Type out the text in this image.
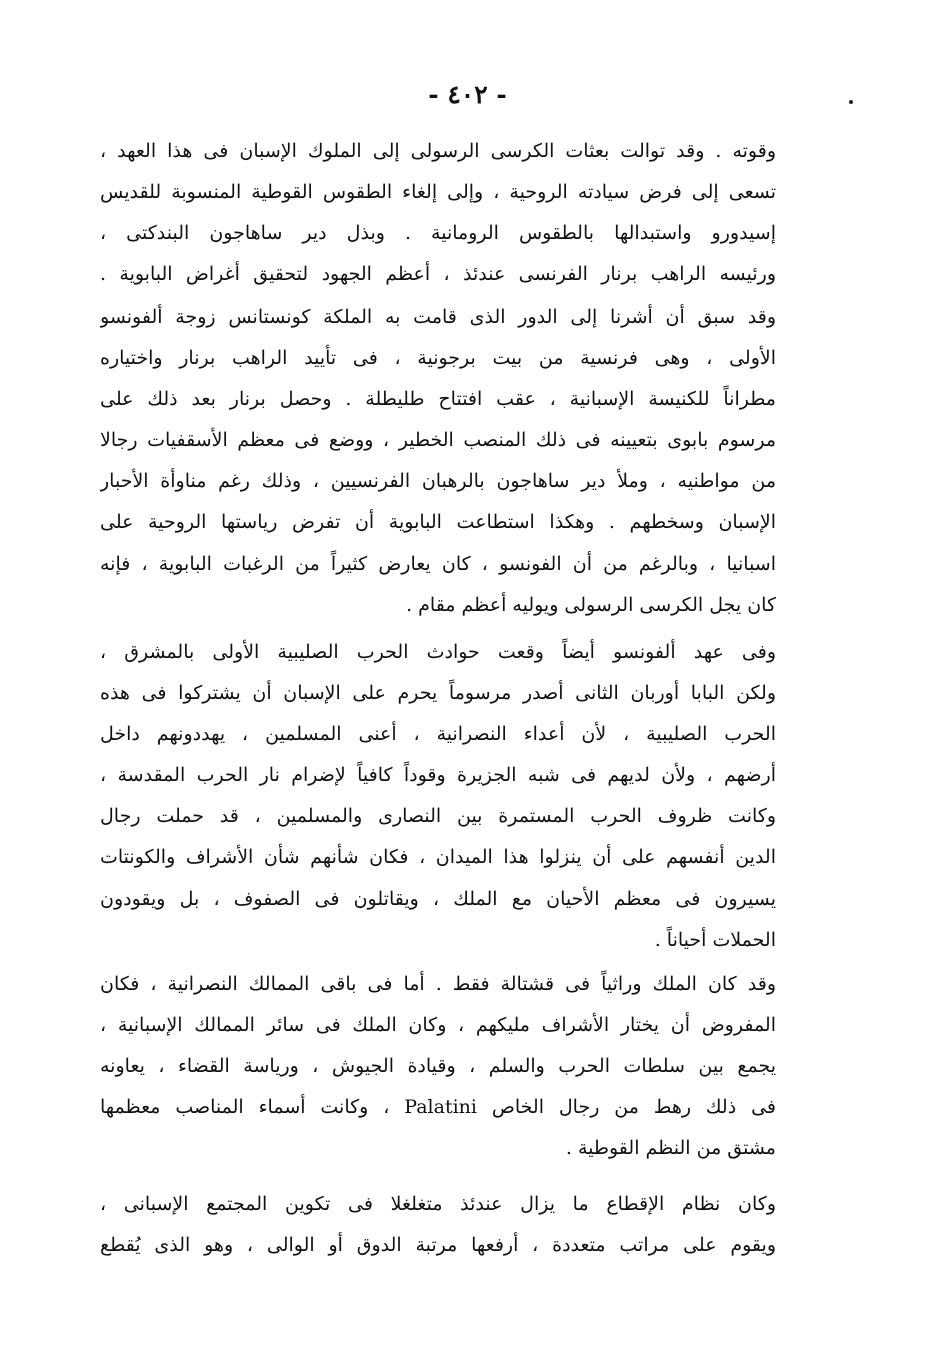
- ٤٠٢ -
وقوته . وقد توالت بعثات الكرسى الرسولى إلى الملوك الإسبان فى هذا العهد ،
تسعى إلى فرض سيادته الروحية ، وإلى إلغاء الطقوس القوطية المنسوبة للقديس
إسيدورو واستبدالها بالطقوس الرومانية . وبذل دير ساهاجون البندكتى ،
ورئيسه الراهب برنار الفرنسى عندئذ ، أعظم الجهود لتحقيق أغراض البابوية .
وقد سبق أن أشرنا إلى الدور الذى قامت به الملكة كونستانس زوجة ألفونسو
الأولى ، وهى فرنسية من بيت برجونية ، فى تأييد الراهب برنار واختياره
مطراناً للكنيسة الإسبانية ، عقب افتتاح طليطلة . وحصل برنار بعد ذلك على
مرسوم بابوى بتعيينه فى ذلك المنصب الخطير ، ووضع فى معظم الأسقفيات رجالا
من مواطنيه ، وملأ دير ساهاجون بالرهبان الفرنسيين ، وذلك رغم مناوأة الأحبار
الإسبان وسخطهم . وهكذا استطاعت البابوية أن تفرض رياستها الروحية على
اسبانيا ، وبالرغم من أن الفونسو ، كان يعارض كثيراً من الرغبات البابوية ، فإنه
كان يجل الكرسى الرسولى ويوليه أعظم مقام .
وفى عهد ألفونسو أيضاً وقعت حوادث الحرب الصليبية الأولى بالمشرق ،
ولكن البابا أوربان الثانى أصدر مرسوماً يحرم على الإسبان أن يشتركوا فى هذه
الحرب الصليبية ، لأن أعداء النصرانية ، أعنى المسلمين ، يهددونهم داخل
أرضهم ، ولأن لديهم فى شبه الجزيرة وقوداً كافياً لإضرام نار الحرب المقدسة ،
وكانت ظروف الحرب المستمرة بين النصارى والمسلمين ، قد حملت رجال
الدين أنفسهم على أن ينزلوا هذا الميدان ، فكان شأنهم شأن الأشراف والكونتات
يسيرون فى معظم الأحيان مع الملك ، ويقاتلون فى الصفوف ، بل ويقودون
الحملات أحياناً .
وقد كان الملك وراثياً فى قشتالة فقط . أما فى باقى الممالك النصرانية ، فكان
المفروض أن يختار الأشراف مليكهم ، وكان الملك فى سائر الممالك الإسبانية ،
يجمع بين سلطات الحرب والسلم ، وقيادة الجيوش ، ورياسة القضاء ، يعاونه
فى ذلك رهط من رجال الخاص Palatini ، وكانت أسماء المناصب معظمها
مشتق من النظم القوطية .
وكان نظام الإقطاع ما يزال عندئذ متغلغلا فى تكوين المجتمع الإسبانى ،
ويقوم على مراتب متعددة ، أرفعها مرتبة الدوق أو الوالى ، وهو الذى يُقطع
